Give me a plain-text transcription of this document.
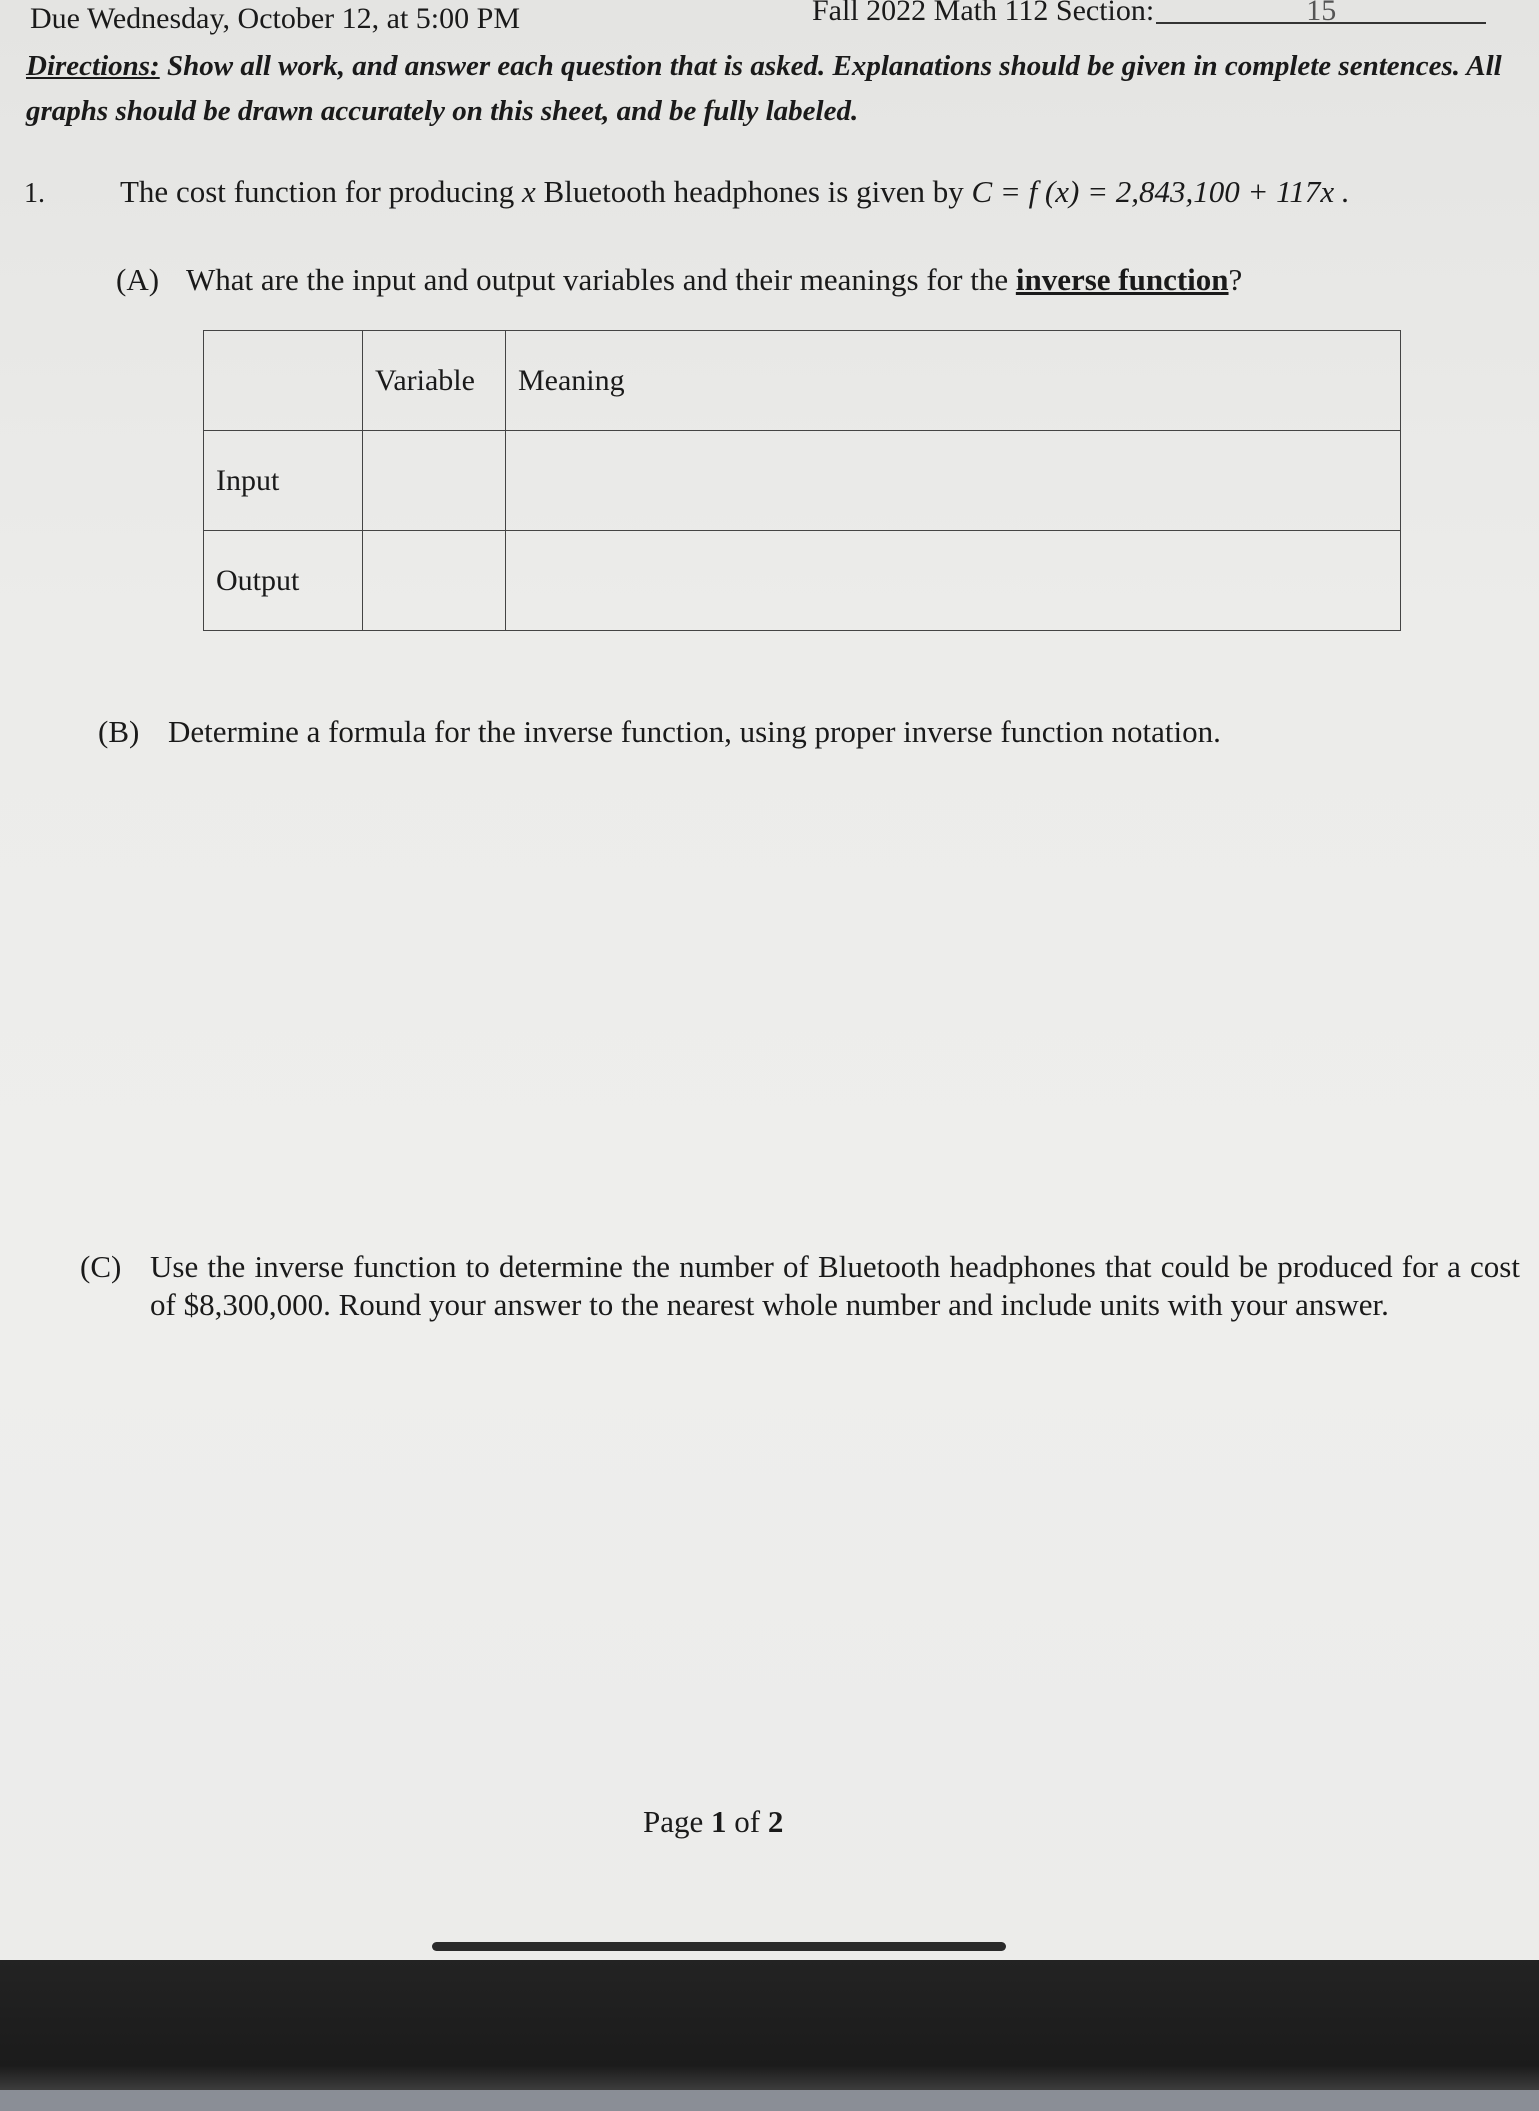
Due Wednesday, October 12, at 5:00 PM	Fall 2022 Math 112 Section:	15

Directions: Show all work, and answer each question that is asked. Explanations should be given in complete sentences. All graphs should be drawn accurately on this sheet, and be fully labeled.

1. The cost function for producing x Bluetooth headphones is given by C = f (x) = 2,843,100 + 117x .
(A) What are the input and output variables and their meanings for the inverse function?
	Variable	Meaning
Input		
Output		
(B) Determine a formula for the inverse function, using proper inverse function notation.
(C) Use the inverse function to determine the number of Bluetooth headphones that could be produced for a cost of $8,300,000. Round your answer to the nearest whole number and include units with your answer.
Page 1 of 2
